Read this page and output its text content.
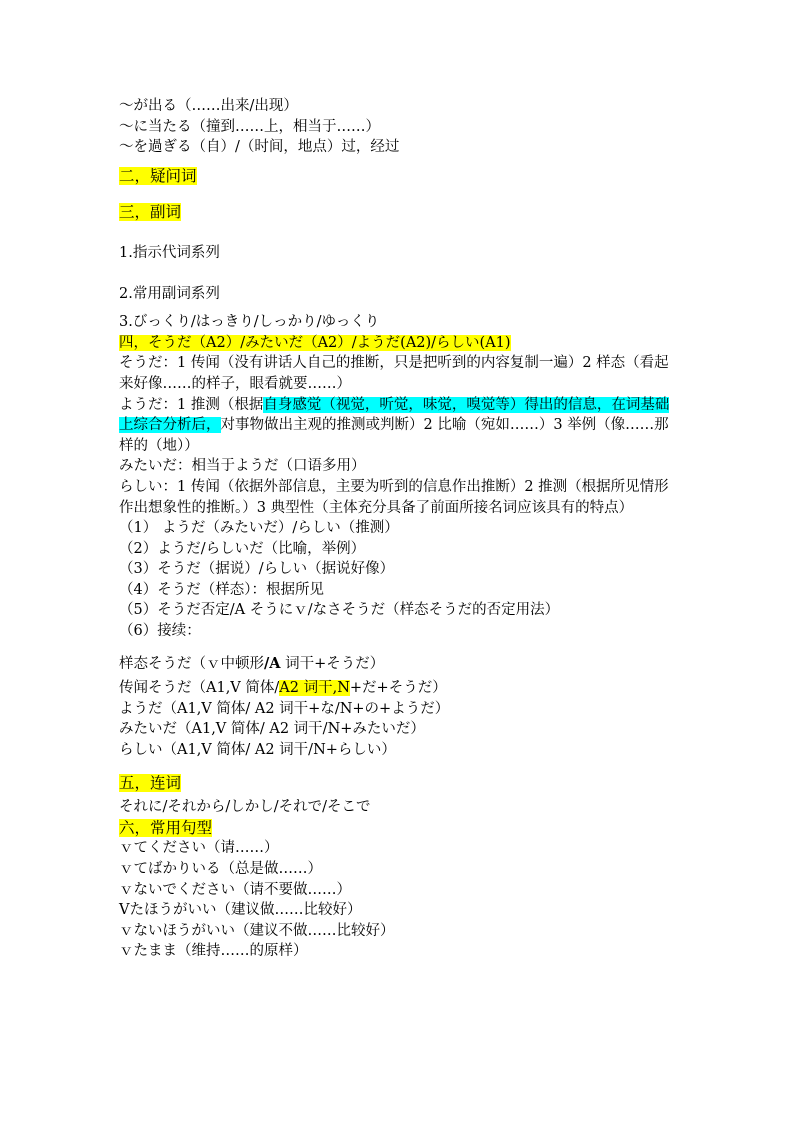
～が出る（……出来/出现）
～に当たる（撞到……上，相当于……）
～を過ぎる（自）/（时间，地点）过，经过
二，疑问词
三，副词
1.指示代词系列
2.常用副词系列
3.びっくり/はっきり/しっかり/ゆっくり
四，そうだ（A2）/みたいだ（A2）/ようだ(A2)/らしい(A1)
そうだ：1 传闻（没有讲话人自己的推断，只是把听到的内容复制一遍）2 样态（看起来好像……的样子，眼看就要……）
ようだ：1 推测（根据自身感觉（视觉，听觉，味觉，嗅觉等）得出的信息，在词基础上综合分析后，对事物做出主观的推测或判断）2 比喻（宛如……）3 举例（像……那样的（地））
みたいだ：相当于ようだ（口语多用）
らしい：1 传闻（依据外部信息，主要为听到的信息作出推断）2 推测（根据所见情形作出想象性的推断。）3 典型性（主体充分具备了前面所接名词应该具有的特点）
（1） ようだ（みたいだ）/らしい（推测）
（2）ようだ/らしいだ（比喻，举例）
（3）そうだ（据说）/らしい（据说好像）
（4）そうだ（样态）：根据所见
（5）そうだ否定/A そうにｖ/なさそうだ（样态そうだ的否定用法）
（6）接续：
样态そうだ（ｖ中顿形/A 词干+そうだ）
传闻そうだ（A1,V 简体/A2 词干,N+だ+そうだ）
ようだ（A1,V 简体/ A2 词干+な/N+の+ようだ）
みたいだ（A1,V 简体/ A2 词干/N+みたいだ）
らしい（A1,V 简体/ A2 词干/N+らしい）
五，连词
それに/それから/しかし/それで/そこで
六，常用句型
ｖてください（请……）
ｖてばかりいる（总是做……）
ｖないでください（请不要做……）
Vたほうがいい（建议做……比较好）
ｖないほうがいい（建议不做……比较好）
ｖたまま（维持……的原样）
